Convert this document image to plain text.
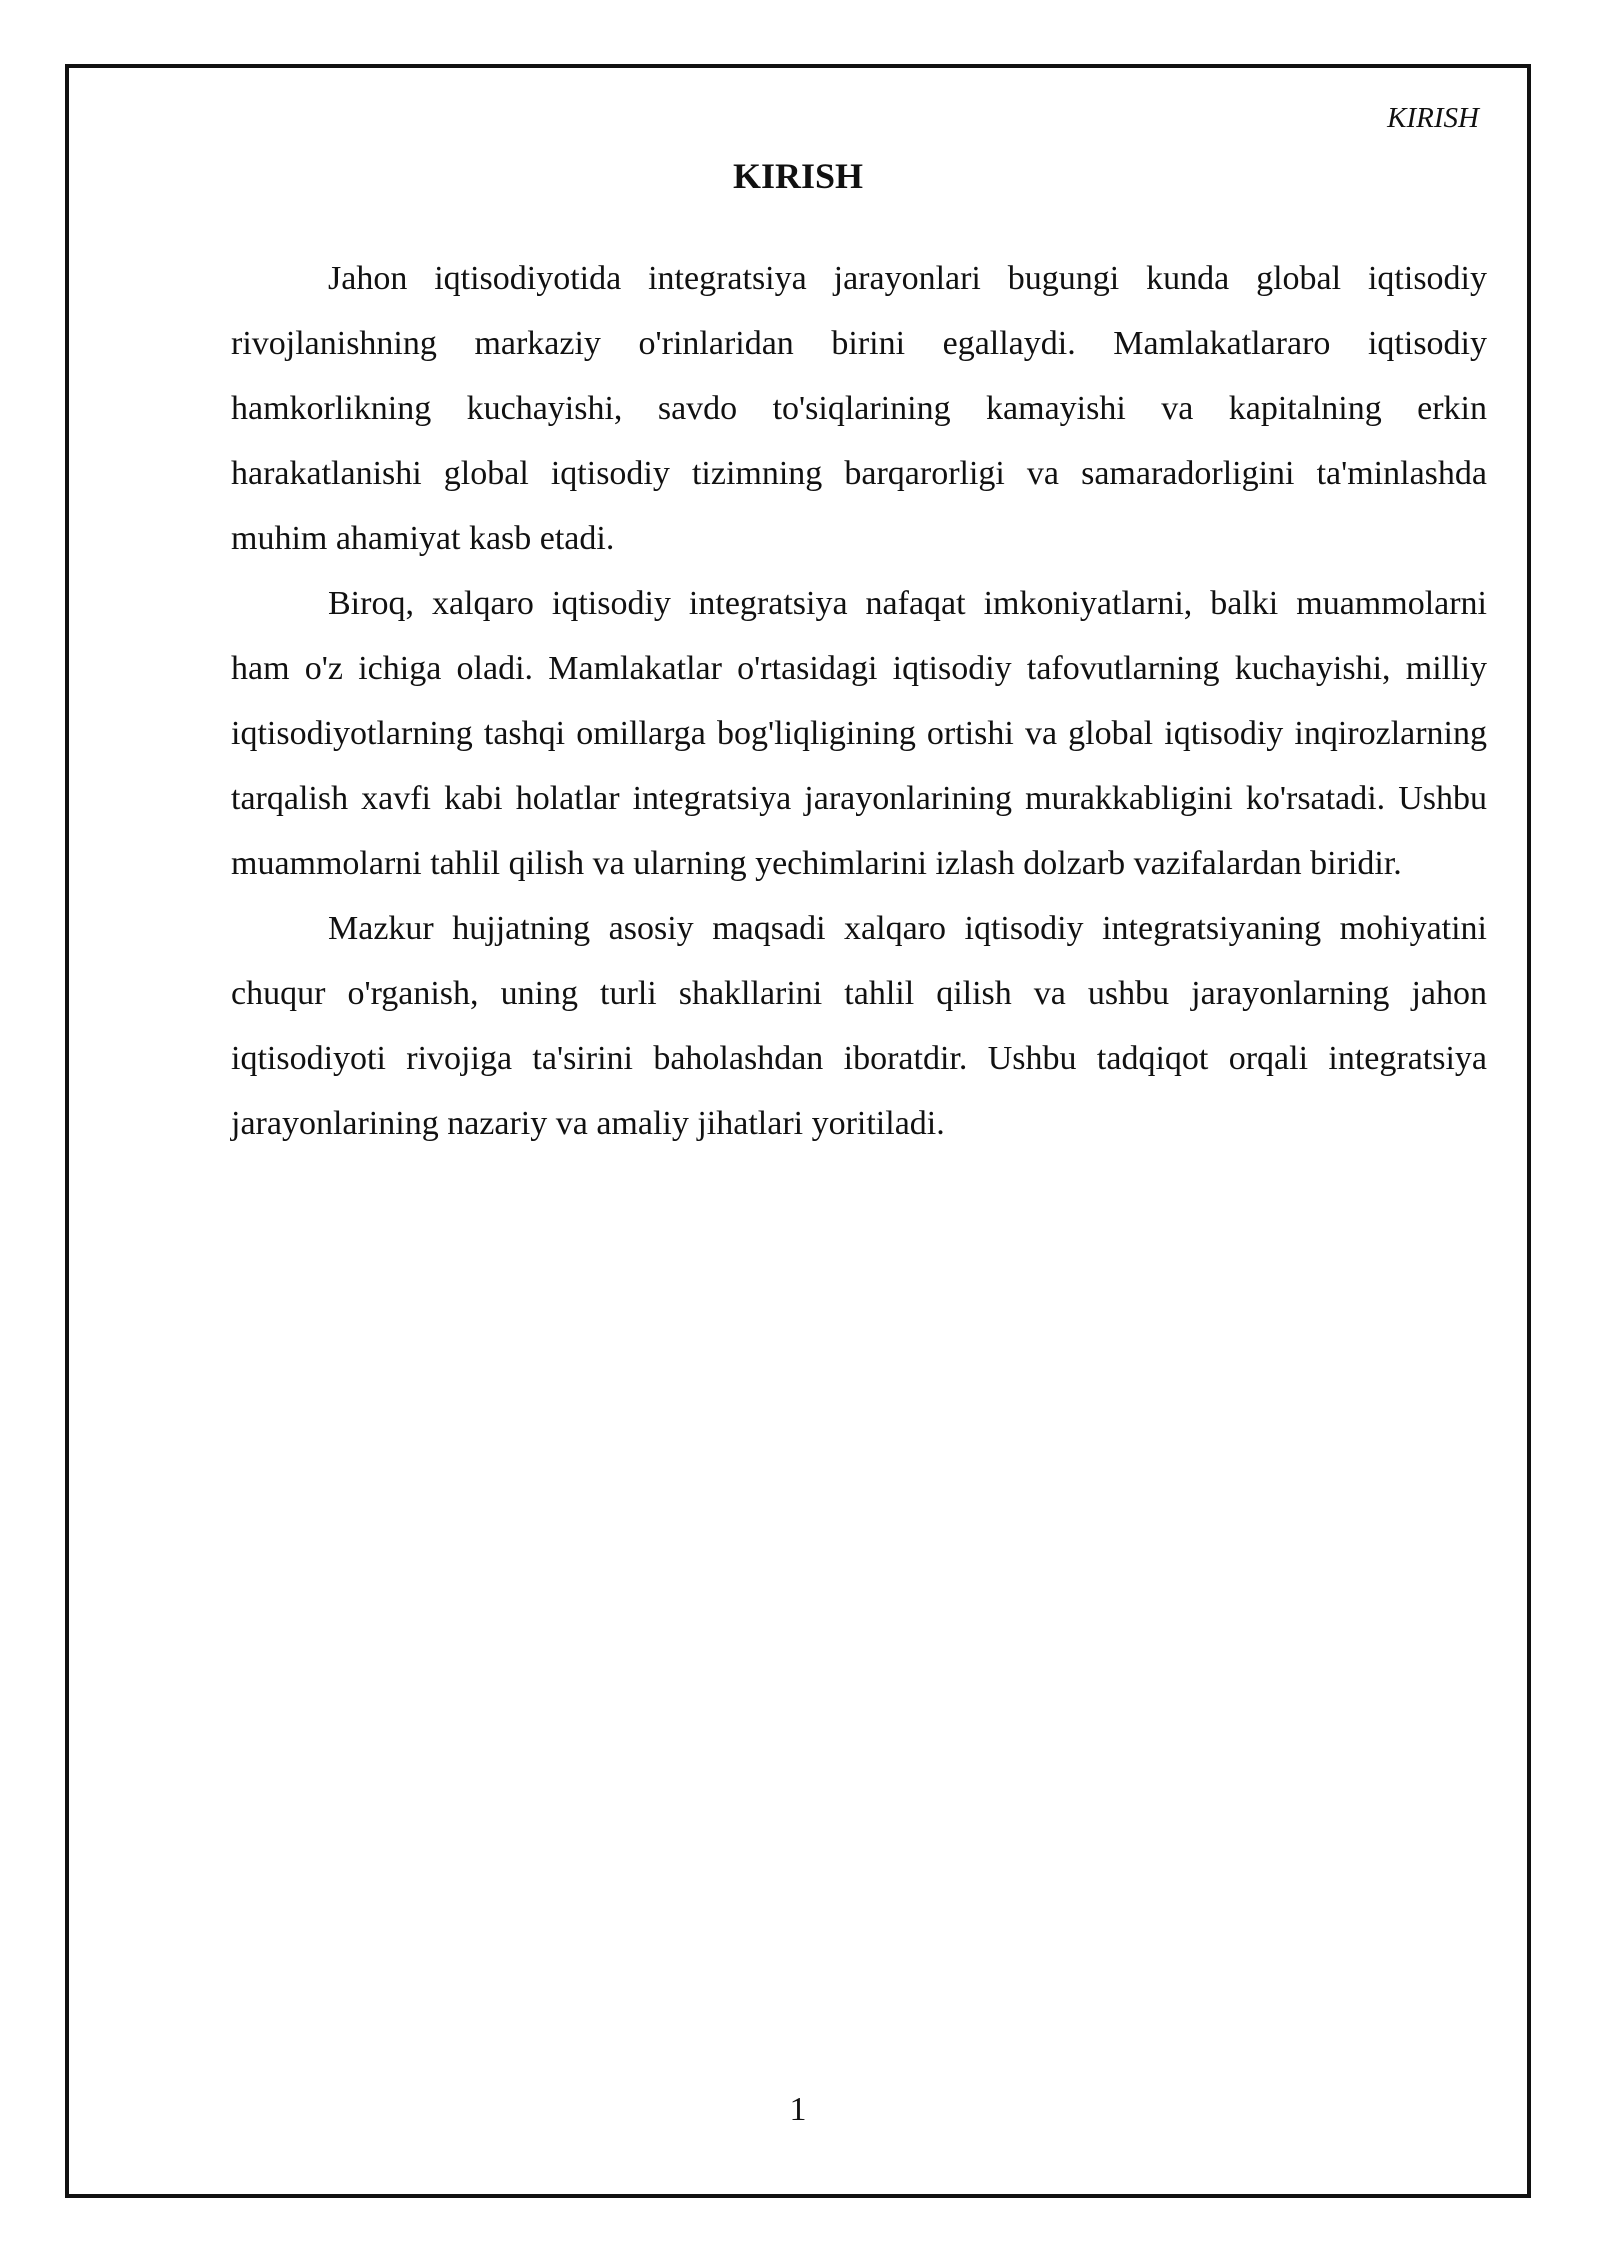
KIRISH
KIRISH

Jahon iqtisodiyotida integratsiya jarayonlari bugungi kunda global iqtisodiy rivojlanishning markaziy o'rinlaridan birini egallaydi. Mamlakatlararo iqtisodiy hamkorlikning kuchayishi, savdo to'siqlarining kamayishi va kapitalning erkin harakatlanishi global iqtisodiy tizimning barqarorligi va samaradorligini ta'minlashda muhim ahamiyat kasb etadi.

Biroq, xalqaro iqtisodiy integratsiya nafaqat imkoniyatlarni, balki muammolarni ham o'z ichiga oladi. Mamlakatlar o'rtasidagi iqtisodiy tafovutlarning kuchayishi, milliy iqtisodiyotlarning tashqi omillarga bog'liqligining ortishi va global iqtisodiy inqirozlarning tarqalish xavfi kabi holatlar integratsiya jarayonlarining murakkabligini ko'rsatadi. Ushbu muammolarni tahlil qilish va ularning yechimlarini izlash dolzarb vazifalardan biridir.

Mazkur hujjatning asosiy maqsadi xalqaro iqtisodiy integratsiyaning mohiyatini chuqur o'rganish, uning turli shakllarini tahlil qilish va ushbu jarayonlarning jahon iqtisodiyoti rivojiga ta'sirini baholashdan iboratdir. Ushbu tadqiqot orqali integratsiya jarayonlarining nazariy va amaliy jihatlari yoritiladi.

1
